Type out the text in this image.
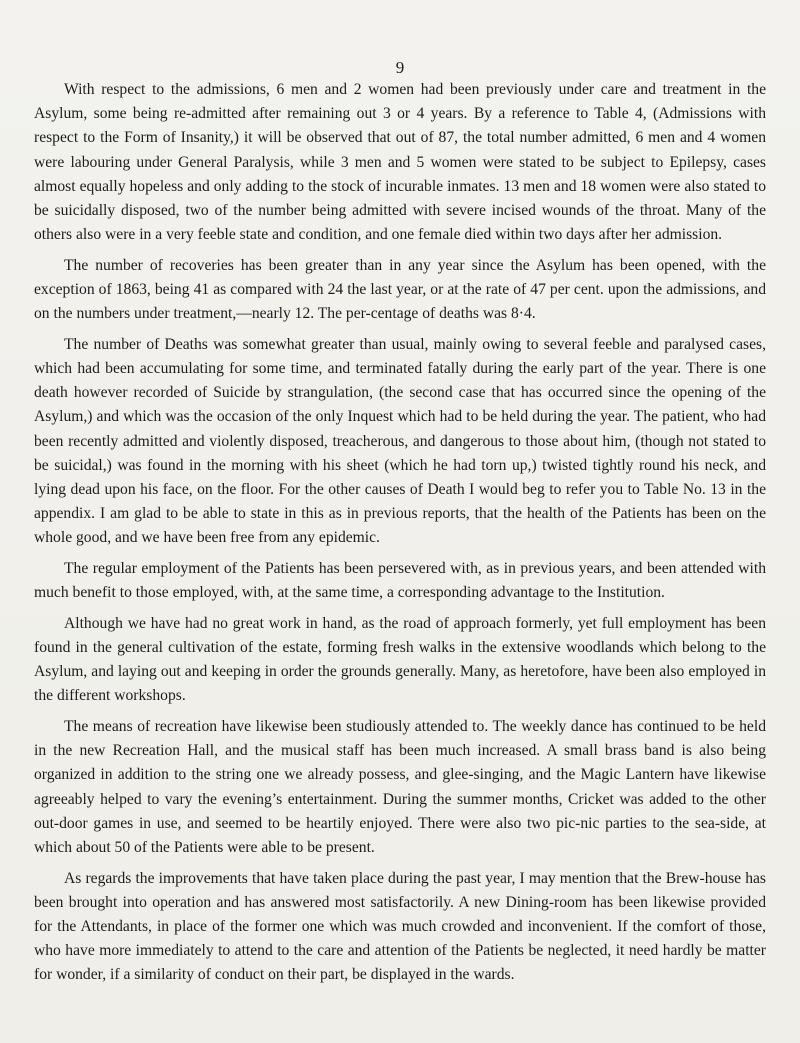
9

With respect to the admissions, 6 men and 2 women had been previously under care and treatment in the Asylum, some being re-admitted after remaining out 3 or 4 years. By a reference to Table 4, (Admissions with respect to the Form of Insanity,) it will be observed that out of 87, the total number admitted, 6 men and 4 women were labouring under General Paralysis, while 3 men and 5 women were stated to be subject to Epilepsy, cases almost equally hopeless and only adding to the stock of incurable inmates. 13 men and 18 women were also stated to be suicidally disposed, two of the number being admitted with severe incised wounds of the throat. Many of the others also were in a very feeble state and condition, and one female died within two days after her admission.

The number of recoveries has been greater than in any year since the Asylum has been opened, with the exception of 1863, being 41 as compared with 24 the last year, or at the rate of 47 per cent. upon the admissions, and on the numbers under treatment,—nearly 12. The per-centage of deaths was 8·4.

The number of Deaths was somewhat greater than usual, mainly owing to several feeble and paralysed cases, which had been accumulating for some time, and terminated fatally during the early part of the year. There is one death however recorded of Suicide by strangulation, (the second case that has occurred since the opening of the Asylum,) and which was the occasion of the only Inquest which had to be held during the year. The patient, who had been recently admitted and violently disposed, treacherous, and dangerous to those about him, (though not stated to be suicidal,) was found in the morning with his sheet (which he had torn up,) twisted tightly round his neck, and lying dead upon his face, on the floor. For the other causes of Death I would beg to refer you to Table No. 13 in the appendix. I am glad to be able to state in this as in previous reports, that the health of the Patients has been on the whole good, and we have been free from any epidemic.

The regular employment of the Patients has been persevered with, as in previous years, and been attended with much benefit to those employed, with, at the same time, a corresponding advantage to the Institution.

Although we have had no great work in hand, as the road of approach formerly, yet full employment has been found in the general cultivation of the estate, forming fresh walks in the extensive woodlands which belong to the Asylum, and laying out and keeping in order the grounds generally. Many, as heretofore, have been also employed in the different workshops.

The means of recreation have likewise been studiously attended to. The weekly dance has continued to be held in the new Recreation Hall, and the musical staff has been much increased. A small brass band is also being organized in addition to the string one we already possess, and glee-singing, and the Magic Lantern have likewise agreeably helped to vary the evening’s entertainment. During the summer months, Cricket was added to the other out-door games in use, and seemed to be heartily enjoyed. There were also two pic-nic parties to the sea-side, at which about 50 of the Patients were able to be present.

As regards the improvements that have taken place during the past year, I may mention that the Brew-house has been brought into operation and has answered most satisfactorily. A new Dining-room has been likewise provided for the Attendants, in place of the former one which was much crowded and inconvenient. If the comfort of those, who have more immediately to attend to the care and attention of the Patients be neglected, it need hardly be matter for wonder, if a similarity of conduct on their part, be displayed in the wards.
